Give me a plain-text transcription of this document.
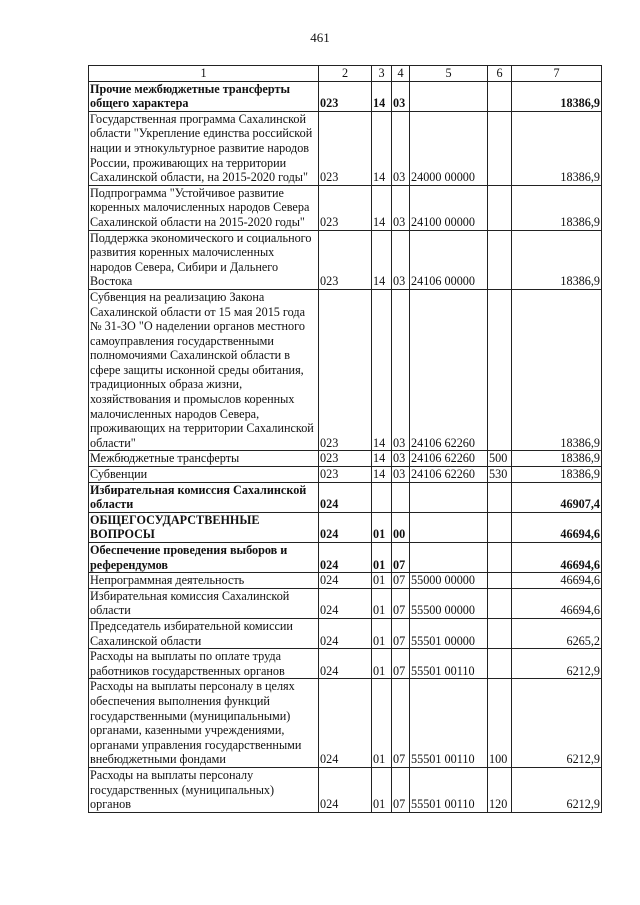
461
1	2	3	4	5	6	7
Прочие межбюджетные трансферты общего характера	023	14	03			18386,9
Государственная программа Сахалинской области "Укрепление единства российской нации и этнокультурное развитие народов России, проживающих на территории Сахалинской области, на 2015-2020 годы"	023	14	03	24000 00000		18386,9
Подпрограмма "Устойчивое развитие коренных малочисленных народов Севера Сахалинской области на 2015-2020 годы"	023	14	03	24100 00000		18386,9
Поддержка экономического и социального развития коренных малочисленных народов Севера, Сибири и Дальнего Востока	023	14	03	24106 00000		18386,9
Субвенция на реализацию Закона Сахалинской области от 15 мая 2015 года № 31-ЗО "О наделении органов местного самоуправления государственными полномочиями Сахалинской области в сфере защиты исконной среды обитания, традиционных образа жизни, хозяйствования и промыслов коренных малочисленных народов Севера, проживающих на территории Сахалинской области"	023	14	03	24106 62260		18386,9
Межбюджетные трансферты	023	14	03	24106 62260	500	18386,9
Субвенции	023	14	03	24106 62260	530	18386,9
Избирательная комиссия Сахалинской области	024					46907,4
ОБЩЕГОСУДАРСТВЕННЫЕ ВОПРОСЫ	024	01	00			46694,6
Обеспечение проведения выборов и референдумов	024	01	07			46694,6
Непрограммная деятельность	024	01	07	55000 00000		46694,6
Избирательная комиссия Сахалинской области	024	01	07	55500 00000		46694,6
Председатель избирательной комиссии Сахалинской области	024	01	07	55501 00000		6265,2
Расходы на выплаты по оплате труда работников государственных органов	024	01	07	55501 00110		6212,9
Расходы на выплаты персоналу в целях обеспечения выполнения функций государственными (муниципальными) органами, казенными учреждениями, органами управления государственными внебюджетными фондами	024	01	07	55501 00110	100	6212,9
Расходы на выплаты персоналу государственных (муниципальных) органов	024	01	07	55501 00110	120	6212,9
